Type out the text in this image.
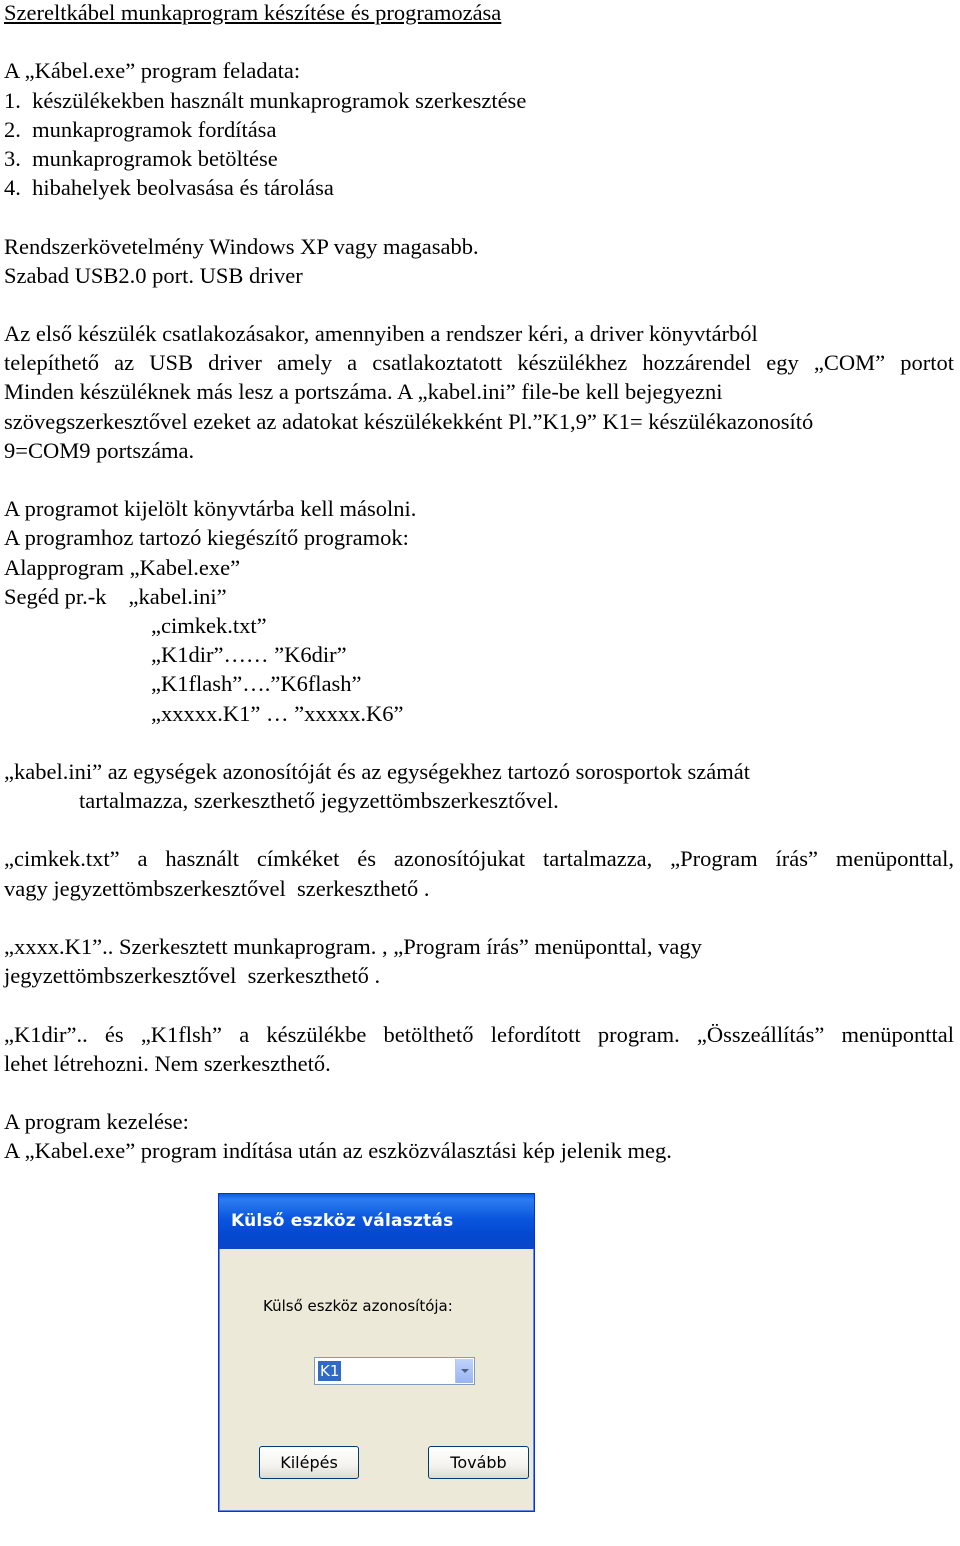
Szereltkábel munkaprogram készítése és programozása
A „Kábel.exe” program feladata:
1.  készülékekben használt munkaprogramok szerkesztése
2.  munkaprogramok fordítása
3.  munkaprogramok betöltése
4.  hibahelyek beolvasása és tárolása
Rendszerkövetelmény Windows XP vagy magasabb.
Szabad USB2.0 port. USB driver
Az első készülék csatlakozásakor, amennyiben a rendszer kéri, a driver könyvtárból
telepíthető az USB driver amely a csatlakoztatott készülékhez hozzárendel egy „COM” portot
Minden készüléknek más lesz a portszáma. A „kabel.ini” file-be kell bejegyezni
szövegszerkesztővel ezeket az adatokat készülékekként Pl.”K1,9” K1= készülékazonosító
9=COM9 portszáma.
A programot kijelölt könyvtárba kell másolni.
A programhoz tartozó kiegészítő programok:
Alapprogram „Kabel.exe”
Segéd pr.-k „kabel.ini”
„cimkek.txt”
„K1dir”…… ”K6dir”
„K1flash”….”K6flash”
„xxxxx.K1” … ”xxxxx.K6”
„kabel.ini” az egységek azonosítóját és az egységekhez tartozó sorosportok számát
tartalmazza, szerkeszthető jegyzettömbszerkesztővel.
„cimkek.txt” a használt címkéket és azonosítójukat tartalmazza, „Program írás” menüponttal,
vagy jegyzettömbszerkesztővel  szerkeszthető .
„xxxx.K1”.. Szerkesztett munkaprogram. , „Program írás” menüponttal, vagy
jegyzettömbszerkesztővel  szerkeszthető .
„K1dir”.. és „K1flsh” a készülékbe betölthető lefordított program. „Összeállítás” menüponttal
lehet létrehozni. Nem szerkeszthető.
A program kezelése:
A „Kabel.exe” program indítása után az eszközválasztási kép jelenik meg.
Külső eszköz választás
Külső eszköz azonosítója:
K1
Kilépés	Tovább
